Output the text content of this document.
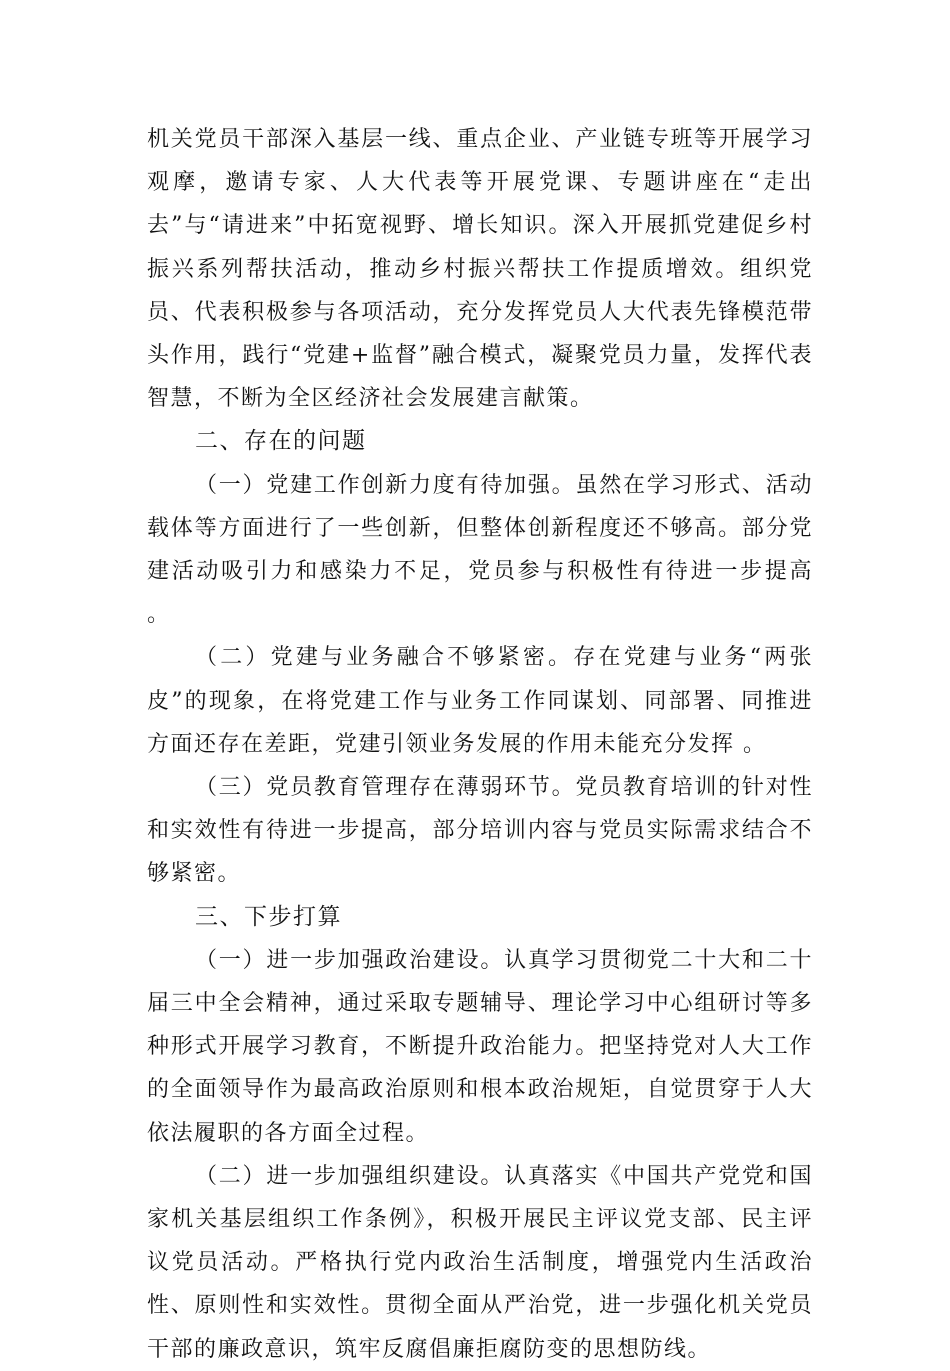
机关党员干部深入基层一线、重点企业、产业链专班等开展学习观摩，邀请专家、人大代表等开展党课、专题讲座在“走出去”与“请进来”中拓宽视野、增长知识。深入开展抓党建促乡村振兴系列帮扶活动，推动乡村振兴帮扶工作提质增效。组织党员、代表积极参与各项活动，充分发挥党员人大代表先锋模范带头作用，践行“党建+监督”融合模式，凝聚党员力量，发挥代表智慧，不断为全区经济社会发展建言献策。

二、存在的问题

（一）党建工作创新力度有待加强。虽然在学习形式、活动载体等方面进行了一些创新，但整体创新程度还不够高。部分党建活动吸引力和感染力不足，党员参与积极性有待进一步提高 。

（二）党建与业务融合不够紧密。存在党建与业务“两张皮”的现象，在将党建工作与业务工作同谋划、同部署、同推进方面还存在差距，党建引领业务发展的作用未能充分发挥 。

（三）党员教育管理存在薄弱环节。党员教育培训的针对性和实效性有待进一步提高，部分培训内容与党员实际需求结合不够紧密。

三、下步打算

（一）进一步加强政治建设。认真学习贯彻党二十大和二十届三中全会精神，通过采取专题辅导、理论学习中心组研讨等多种形式开展学习教育，不断提升政治能力。把坚持党对人大工作的全面领导作为最高政治原则和根本政治规矩，自觉贯穿于人大依法履职的各方面全过程。

（二）进一步加强组织建设。认真落实《中国共产党党和国家机关基层组织工作条例》，积极开展民主评议党支部、民主评议党员活动。严格执行党内政治生活制度，增强党内生活政治性、原则性和实效性。贯彻全面从严治党，进一步强化机关党员干部的廉政意识，筑牢反腐倡廉拒腐防变的思想防线。
